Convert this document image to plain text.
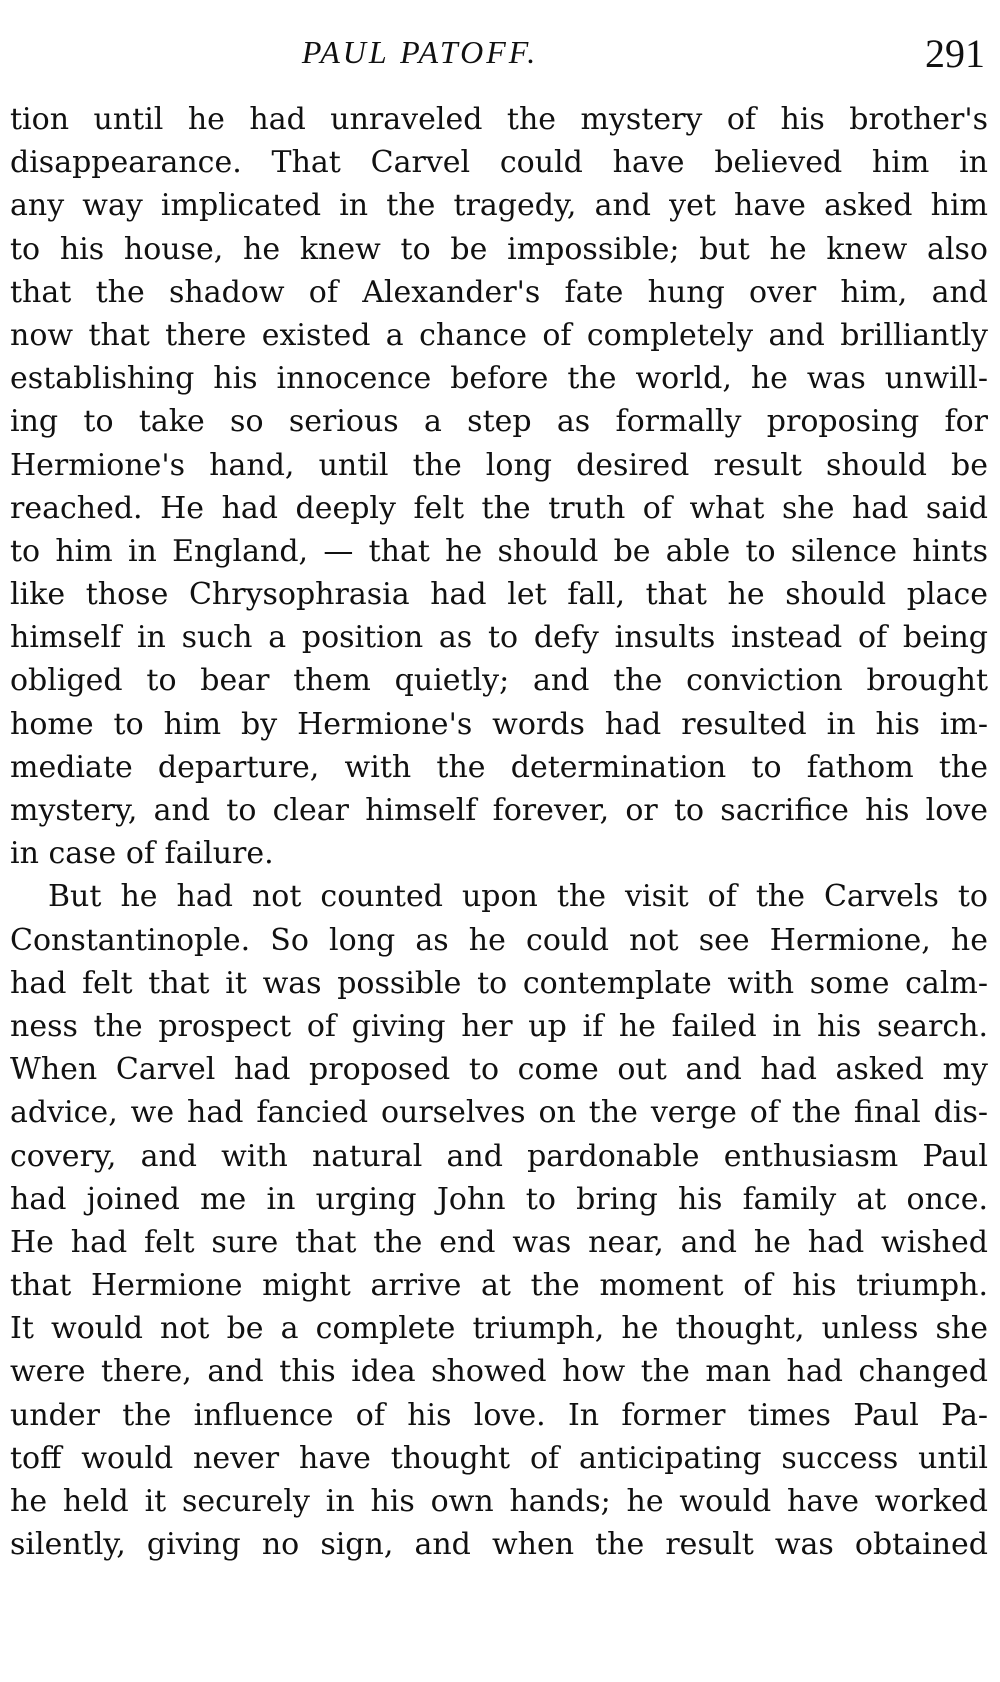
PAUL PATOFF.	291
tion until he had unraveled the mystery of his brother's
disappearance. That Carvel could have believed him in
any way implicated in the tragedy, and yet have asked him
to his house, he knew to be impossible; but he knew also
that the shadow of Alexander's fate hung over him, and
now that there existed a chance of completely and brilliantly
establishing his innocence before the world, he was unwill-
ing to take so serious a step as formally proposing for
Hermione's hand, until the long desired result should be
reached. He had deeply felt the truth of what she had said
to him in England, — that he should be able to silence hints
like those Chrysophrasia had let fall, that he should place
himself in such a position as to defy insults instead of being
obliged to bear them quietly; and the conviction brought
home to him by Hermione's words had resulted in his im-
mediate departure, with the determination to fathom the
mystery, and to clear himself forever, or to sacrifice his love
in case of failure.
But he had not counted upon the visit of the Carvels to
Constantinople. So long as he could not see Hermione, he
had felt that it was possible to contemplate with some calm-
ness the prospect of giving her up if he failed in his search.
When Carvel had proposed to come out and had asked my
advice, we had fancied ourselves on the verge of the final dis-
covery, and with natural and pardonable enthusiasm Paul
had joined me in urging John to bring his family at once.
He had felt sure that the end was near, and he had wished
that Hermione might arrive at the moment of his triumph.
It would not be a complete triumph, he thought, unless she
were there, and this idea showed how the man had changed
under the influence of his love. In former times Paul Pa-
toff would never have thought of anticipating success until
he held it securely in his own hands; he would have worked
silently, giving no sign, and when the result was obtained
